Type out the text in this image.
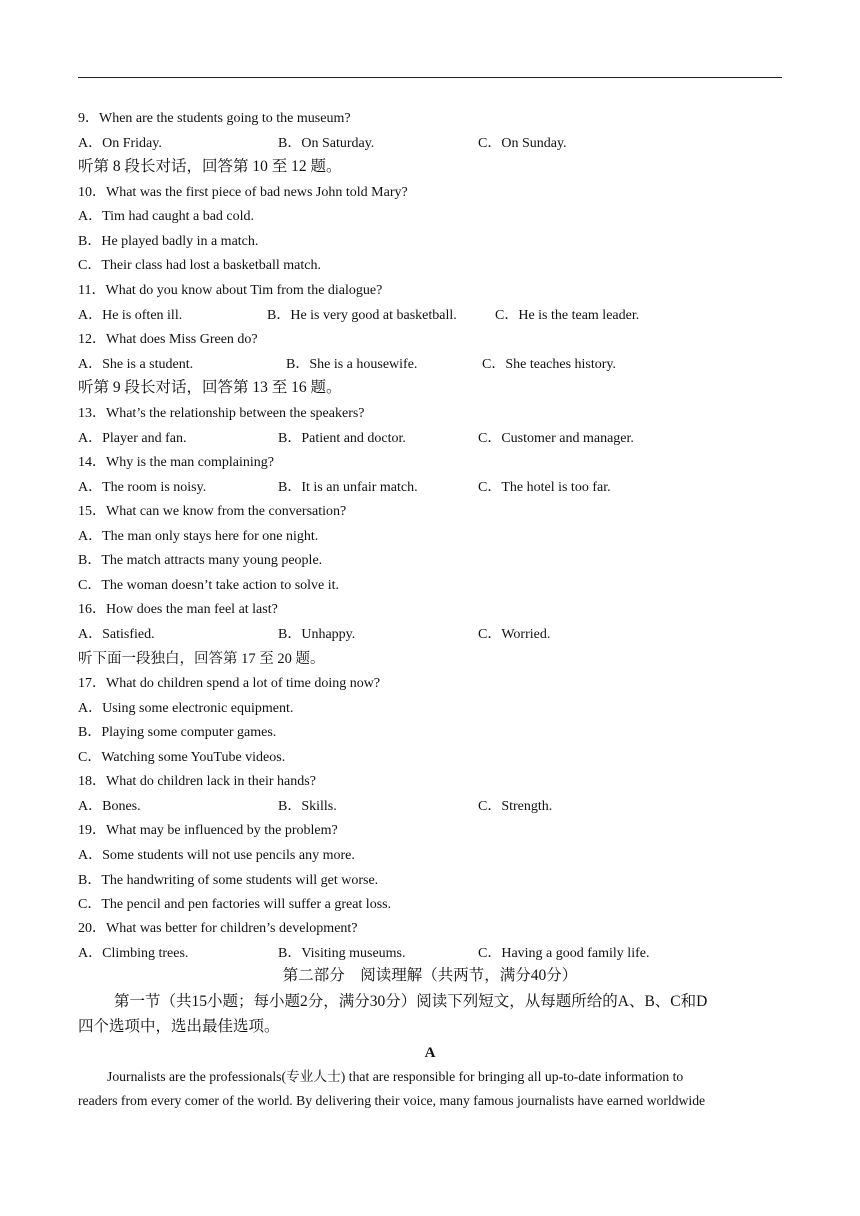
9．When are the students going to the museum?
A．On Friday.	B．On Saturday.	C．On Sunday.
听第 8 段长对话，回答第 10 至 12 题。
10．What was the first piece of bad news John told Mary?
A．Tim had caught a bad cold.
B．He played badly in a match.
C．Their class had lost a basketball match.
11．What do you know about Tim from the dialogue?
A．He is often ill.	B．He is very good at basketball.	C．He is the team leader.
12．What does Miss Green do?
A．She is a student.	B．She is a housewife.	C．She teaches history.
听第 9 段长对话，回答第 13 至 16 题。
13．What’s the relationship between the speakers?
A．Player and fan.	B．Patient and doctor.	C．Customer and manager.
14．Why is the man complaining?
A．The room is noisy.	B．It is an unfair match.	C．The hotel is too far.
15．What can we know from the conversation?
A．The man only stays here for one night.
B．The match attracts many young people.
C．The woman doesn’t take action to solve it.
16．How does the man feel at last?
A．Satisfied.	B．Unhappy.	C．Worried.
听下面一段独白，回答第 17 至 20 题。
17．What do children spend a lot of time doing now?
A．Using some electronic equipment.
B．Playing some computer games.
C．Watching some YouTube videos.
18．What do children lack in their hands?
A．Bones.	B．Skills.	C．Strength.
19．What may be influenced by the problem?
A．Some students will not use pencils any more.
B．The handwriting of some students will get worse.
C．The pencil and pen factories will suffer a great loss.
20．What was better for children’s development?
A．Climbing trees.	B．Visiting museums.	C．Having a good family life.
第二部分　阅读理解（共两节，满分40分）
第一节（共15小题；每小题2分，满分30分）阅读下列短文，从每题所给的A、B、C和D
四个选项中，选出最佳选项。
A
Journalists are the professionals(专业人士) that are responsible for bringing all up-to-date information to
readers from every comer of the world. By delivering their voice, many famous journalists have earned worldwide
